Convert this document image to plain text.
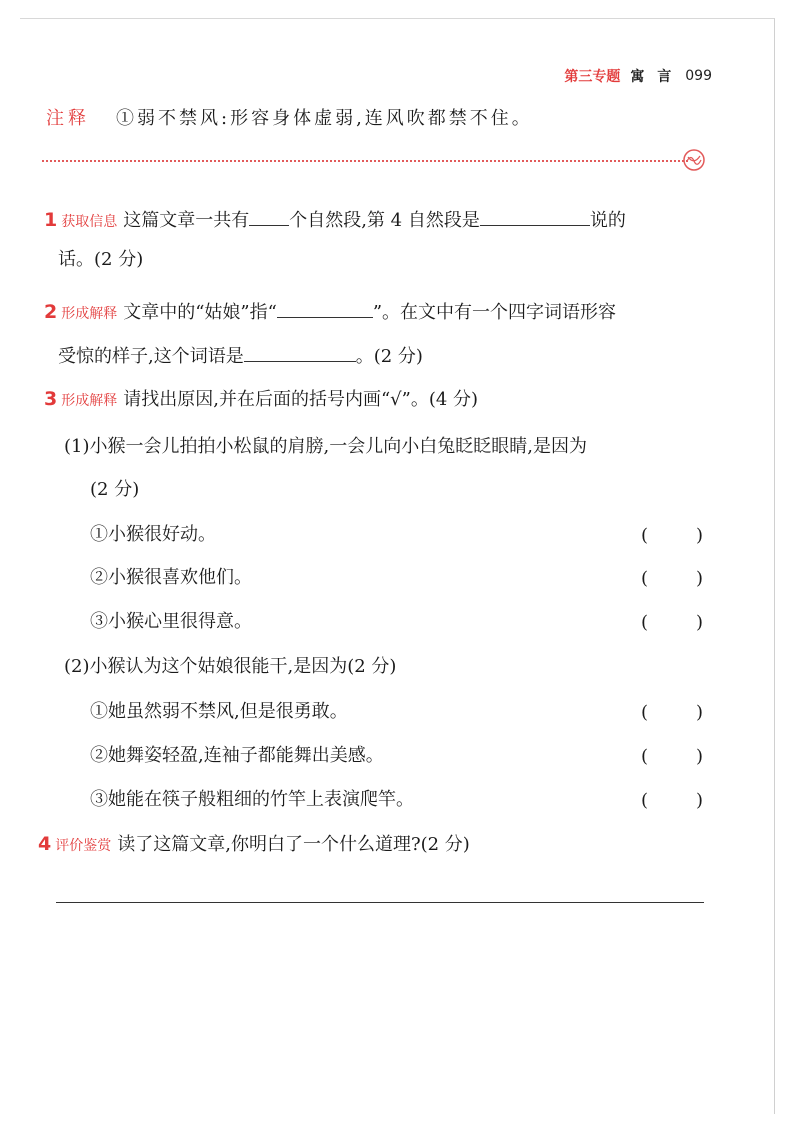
第三专题 寓 言 099
注释 ①弱不禁风:形容身体虚弱,连风吹都禁不住。
1 获取信息 这篇文章一共有 个自然段,第 4 自然段是	说的
话。(2 分)
2 形成解释 文章中的“姑娘”指“	”。在文中有一个四字词语形容
受惊的样子,这个词语是	。(2 分)
3 形成解释 请找出原因,并在后面的括号内画“√”。(4 分)
(1)小猴一会儿拍拍小松鼠的肩膀,一会儿向小白兔眨眨眼睛,是因为
(2 分)
①小猴很好动。	(	)
②小猴很喜欢他们。	(	)
③小猴心里很得意。	(	)
(2)小猴认为这个姑娘很能干,是因为(2 分)
①她虽然弱不禁风,但是很勇敢。	(	)
②她舞姿轻盈,连袖子都能舞出美感。	(	)
③她能在筷子般粗细的竹竿上表演爬竿。	(	)
4 评价鉴赏 读了这篇文章,你明白了一个什么道理?(2 分)
